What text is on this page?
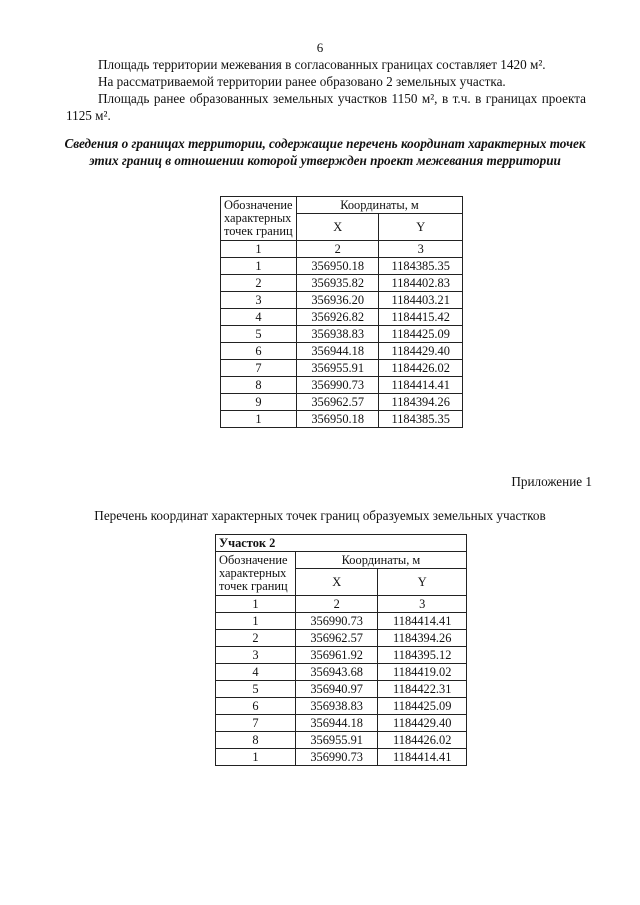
6
Площадь территории межевания в согласованных границах составляет 1420 м².
На рассматриваемой территории ранее образовано 2 земельных участка.
Площадь ранее образованных земельных участков 1150 м², в т.ч. в границах проекта 1125 м².
Сведения о границах территории, содержащие перечень координат характерных точек этих границ в отношении которой утвержден проект межевания территории
Обозначение характерных точек границ	Координаты, м	
	X	Y
1	2	3
1	356950.18	1184385.35
2	356935.82	1184402.83
3	356936.20	1184403.21
4	356926.82	1184415.42
5	356938.83	1184425.09
6	356944.18	1184429.40
7	356955.91	1184426.02
8	356990.73	1184414.41
9	356962.57	1184394.26
1	356950.18	1184385.35
Приложение 1
Перечень координат характерных точек границ образуемых земельных участков
Участок 2		
Обозначение характерных точек границ	Координаты, м	
	X	Y
1	2	3
1	356990.73	1184414.41
2	356962.57	1184394.26
3	356961.92	1184395.12
4	356943.68	1184419.02
5	356940.97	1184422.31
6	356938.83	1184425.09
7	356944.18	1184429.40
8	356955.91	1184426.02
1	356990.73	1184414.41
